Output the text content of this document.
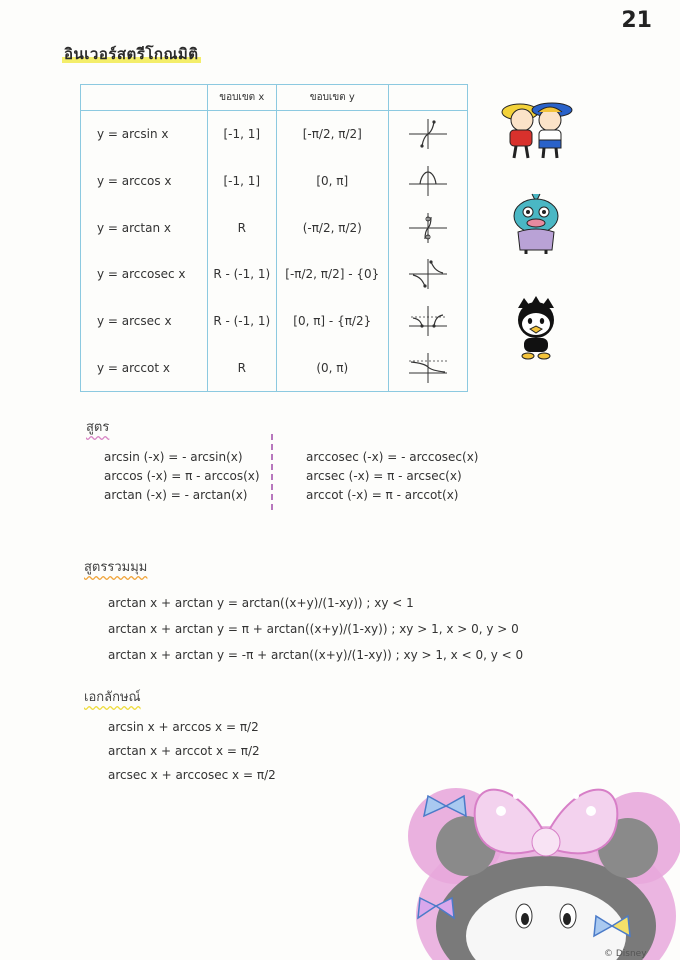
21
อินเวอร์สตรีโกณมิติ
	ขอบเขต x	ขอบเขต y	
y = arcsin x	[-1, 1]	[-π/2, π/2]	

y = arccos x	[-1, 1]	[0, π]	

y = arctan x	R	(-π/2, π/2)	

y = arccosec x	R - (-1, 1)	[-π/2, π/2] - {0}	

y = arcsec x	R - (-1, 1)	[0, π] - {π/2}	

y = arccot x	R	(0, π)	
สูตร
arcsin (-x) = - arcsin(x)
arccos (-x) = π - arccos(x)
arctan (-x) = - arctan(x)
arccosec (-x) = - arccosec(x)
arcsec (-x) = π - arcsec(x)
arccot (-x) = π - arccot(x)
สูตรรวมมุม
arctan x + arctan y = arctan((x+y)/(1-xy)) ; xy < 1
arctan x + arctan y = π + arctan((x+y)/(1-xy)) ; xy > 1, x > 0, y > 0
arctan x + arctan y = -π + arctan((x+y)/(1-xy)) ; xy > 1, x < 0, y < 0
เอกลักษณ์
arcsin x + arccos x = π/2
arctan x + arccot x = π/2
arcsec x + arccosec x = π/2
© Disney
